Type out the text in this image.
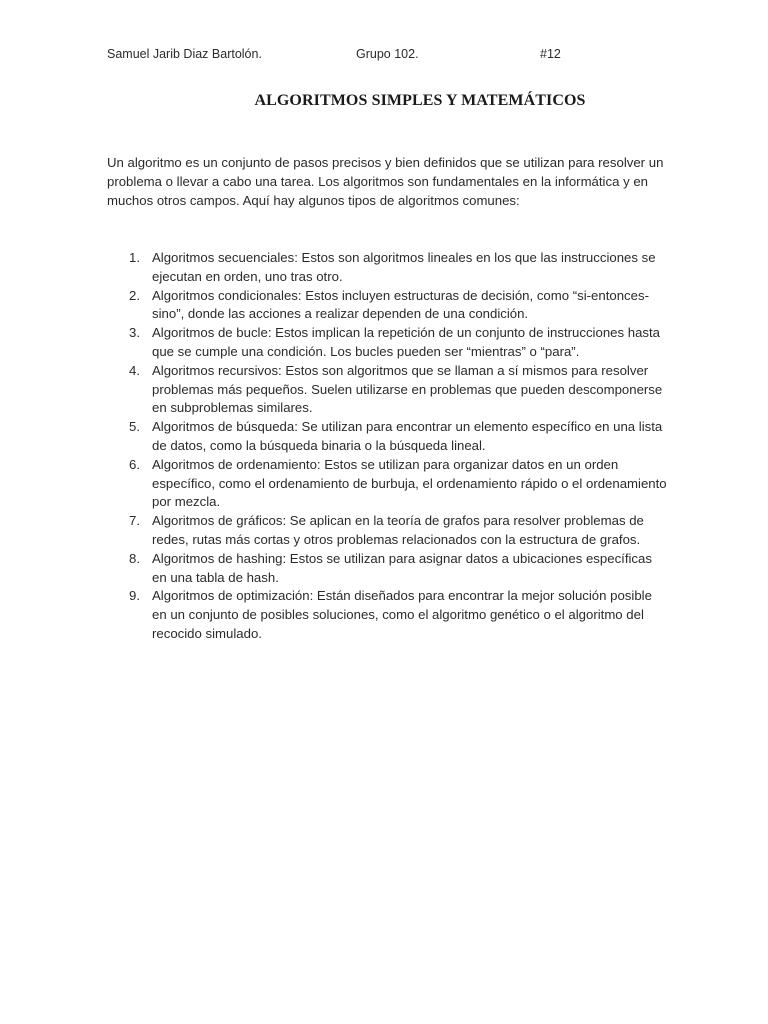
Samuel Jarib Diaz Bartolón.	Grupo 102.	#12
ALGORITMOS SIMPLES Y MATEMÁTICOS

Un algoritmo es un conjunto de pasos precisos y bien definidos que se utilizan para resolver un problema o llevar a cabo una tarea. Los algoritmos son fundamentales en la informática y en muchos otros campos. Aquí hay algunos tipos de algoritmos comunes:

1. Algoritmos secuenciales: Estos son algoritmos lineales en los que las instrucciones se ejecutan en orden, uno tras otro.
2. Algoritmos condicionales: Estos incluyen estructuras de decisión, como “si-entonces-sino”, donde las acciones a realizar dependen de una condición.
3. Algoritmos de bucle: Estos implican la repetición de un conjunto de instrucciones hasta que se cumple una condición. Los bucles pueden ser “mientras” o “para”.
4. Algoritmos recursivos: Estos son algoritmos que se llaman a sí mismos para resolver problemas más pequeños. Suelen utilizarse en problemas que pueden descomponerse en subproblemas similares.
5. Algoritmos de búsqueda: Se utilizan para encontrar un elemento específico en una lista de datos, como la búsqueda binaria o la búsqueda lineal.
6. Algoritmos de ordenamiento: Estos se utilizan para organizar datos en un orden específico, como el ordenamiento de burbuja, el ordenamiento rápido o el ordenamiento por mezcla.
7. Algoritmos de gráficos: Se aplican en la teoría de grafos para resolver problemas de redes, rutas más cortas y otros problemas relacionados con la estructura de grafos.
8. Algoritmos de hashing: Estos se utilizan para asignar datos a ubicaciones específicas en una tabla de hash.
9. Algoritmos de optimización: Están diseñados para encontrar la mejor solución posible en un conjunto de posibles soluciones, como el algoritmo genético o el algoritmo del recocido simulado.
